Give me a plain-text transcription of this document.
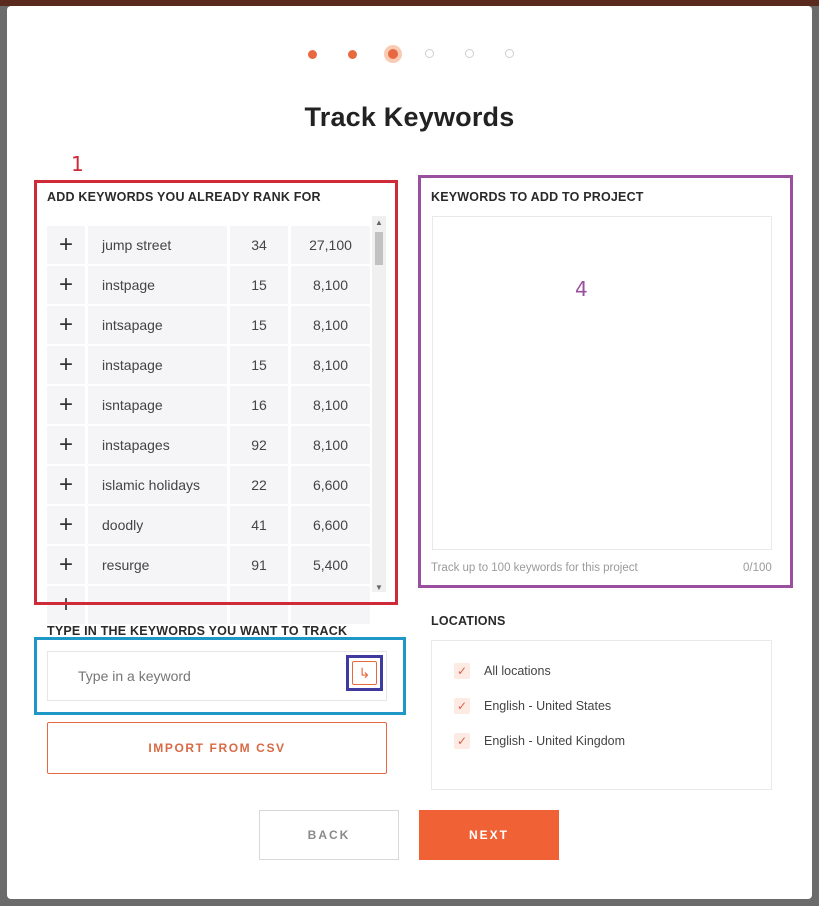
Track Keywords
1
4
ADD KEYWORDS YOU ALREADY RANK FOR
+	jump street	34	27,100
+	instpage	15	8,100
+	intsapage	15	8,100
+	instapage	15	8,100
+	isntapage	16	8,100
+	instapages	92	8,100
+	islamic holidays	22	6,600
+	doodly	41	6,600
+	resurge	91	5,400
+
▲
▼
KEYWORDS TO ADD TO PROJECT
Track up to 100 keywords for this project	0/100
TYPE IN THE KEYWORDS YOU WANT TO TRACK
Type in a keyword
↳
IMPORT FROM CSV
LOCATIONS
✓ All locations
✓ English - United States
✓ English - United Kingdom
BACK	NEXT
